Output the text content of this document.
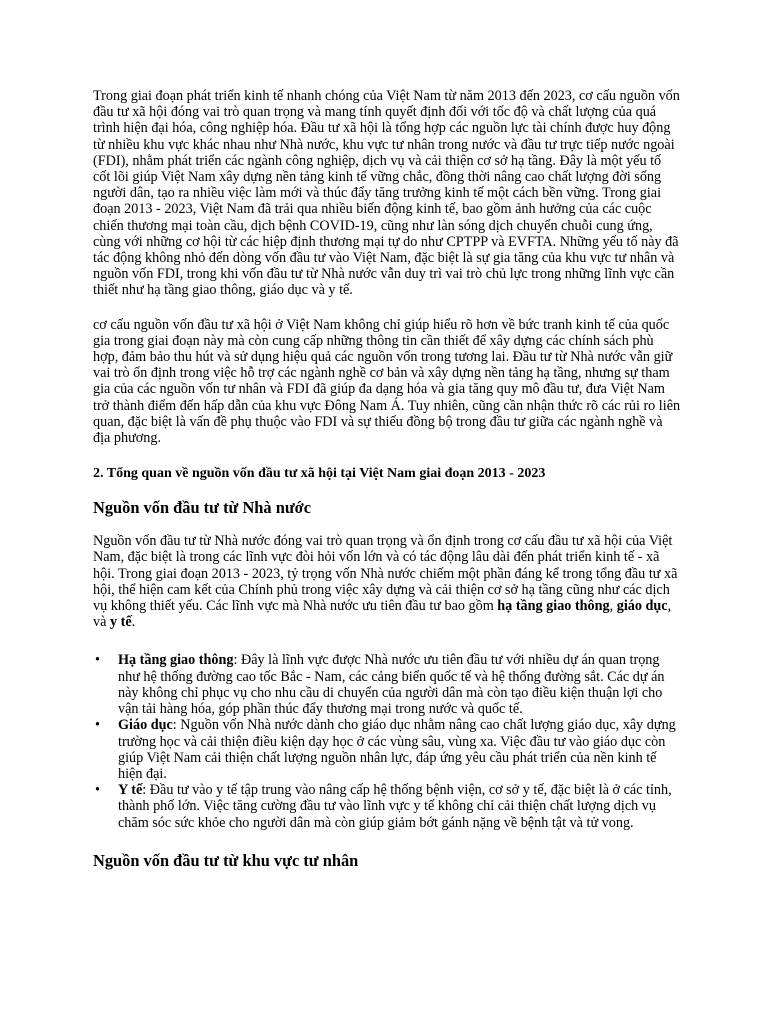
Trong giai đoạn phát triển kinh tế nhanh chóng của Việt Nam từ năm 2013 đến 2023, cơ cấu nguồn vốn đầu tư xã hội đóng vai trò quan trọng và mang tính quyết định đối với tốc độ và chất lượng của quá trình hiện đại hóa, công nghiệp hóa. Đầu tư xã hội là tổng hợp các nguồn lực tài chính được huy động từ nhiều khu vực khác nhau như Nhà nước, khu vực tư nhân trong nước và đầu tư trực tiếp nước ngoài (FDI), nhằm phát triển các ngành công nghiệp, dịch vụ và cải thiện cơ sở hạ tầng. Đây là một yếu tố cốt lõi giúp Việt Nam xây dựng nền tảng kinh tế vững chắc, đồng thời nâng cao chất lượng đời sống người dân, tạo ra nhiều việc làm mới và thúc đẩy tăng trưởng kinh tế một cách bền vững. Trong giai đoạn 2013 - 2023, Việt Nam đã trải qua nhiều biến động kinh tế, bao gồm ảnh hưởng của các cuộc chiến thương mại toàn cầu, dịch bệnh COVID-19, cũng như làn sóng dịch chuyển chuỗi cung ứng, cùng với những cơ hội từ các hiệp định thương mại tự do như CPTPP và EVFTA. Những yếu tố này đã tác động không nhỏ đến dòng vốn đầu tư vào Việt Nam, đặc biệt là sự gia tăng của khu vực tư nhân và nguồn vốn FDI, trong khi vốn đầu tư từ Nhà nước vẫn duy trì vai trò chủ lực trong những lĩnh vực cần thiết như hạ tầng giao thông, giáo dục và y tế.

cơ cấu nguồn vốn đầu tư xã hội ở Việt Nam không chỉ giúp hiểu rõ hơn về bức tranh kinh tế của quốc gia trong giai đoạn này mà còn cung cấp những thông tin cần thiết để xây dựng các chính sách phù hợp, đảm bảo thu hút và sử dụng hiệu quả các nguồn vốn trong tương lai. Đầu tư từ Nhà nước vẫn giữ vai trò ổn định trong việc hỗ trợ các ngành nghề cơ bản và xây dựng nền tảng hạ tầng, nhưng sự tham gia của các nguồn vốn tư nhân và FDI đã giúp đa dạng hóa và gia tăng quy mô đầu tư, đưa Việt Nam trở thành điểm đến hấp dẫn của khu vực Đông Nam Á. Tuy nhiên, cũng cần nhận thức rõ các rủi ro liên quan, đặc biệt là vấn đề phụ thuộc vào FDI và sự thiếu đồng bộ trong đầu tư giữa các ngành nghề và địa phương.

2. Tổng quan về nguồn vốn đầu tư xã hội tại Việt Nam giai đoạn 2013 - 2023

Nguồn vốn đầu tư từ Nhà nước

Nguồn vốn đầu tư từ Nhà nước đóng vai trò quan trọng và ổn định trong cơ cấu đầu tư xã hội của Việt Nam, đặc biệt là trong các lĩnh vực đòi hỏi vốn lớn và có tác động lâu dài đến phát triển kinh tế - xã hội. Trong giai đoạn 2013 - 2023, tỷ trọng vốn Nhà nước chiếm một phần đáng kể trong tổng đầu tư xã hội, thể hiện cam kết của Chính phủ trong việc xây dựng và cải thiện cơ sở hạ tầng cũng như các dịch vụ không thiết yếu. Các lĩnh vực mà Nhà nước ưu tiên đầu tư bao gồm hạ tầng giao thông, giáo dục, và y tế.

• Hạ tầng giao thông: Đây là lĩnh vực được Nhà nước ưu tiên đầu tư với nhiều dự án quan trọng như hệ thống đường cao tốc Bắc - Nam, các cảng biển quốc tế và hệ thống đường sắt. Các dự án này không chỉ phục vụ cho nhu cầu di chuyển của người dân mà còn tạo điều kiện thuận lợi cho vận tải hàng hóa, góp phần thúc đẩy thương mại trong nước và quốc tế.
• Giáo dục: Nguồn vốn Nhà nước dành cho giáo dục nhằm nâng cao chất lượng giáo dục, xây dựng trường học và cải thiện điều kiện dạy học ở các vùng sâu, vùng xa. Việc đầu tư vào giáo dục còn giúp Việt Nam cải thiện chất lượng nguồn nhân lực, đáp ứng yêu cầu phát triển của nền kinh tế hiện đại.
• Y tế: Đầu tư vào y tế tập trung vào nâng cấp hệ thống bệnh viện, cơ sở y tế, đặc biệt là ở các tỉnh, thành phố lớn. Việc tăng cường đầu tư vào lĩnh vực y tế không chỉ cải thiện chất lượng dịch vụ chăm sóc sức khỏe cho người dân mà còn giúp giảm bớt gánh nặng về bệnh tật và tử vong.
Nguồn vốn đầu tư từ khu vực tư nhân
